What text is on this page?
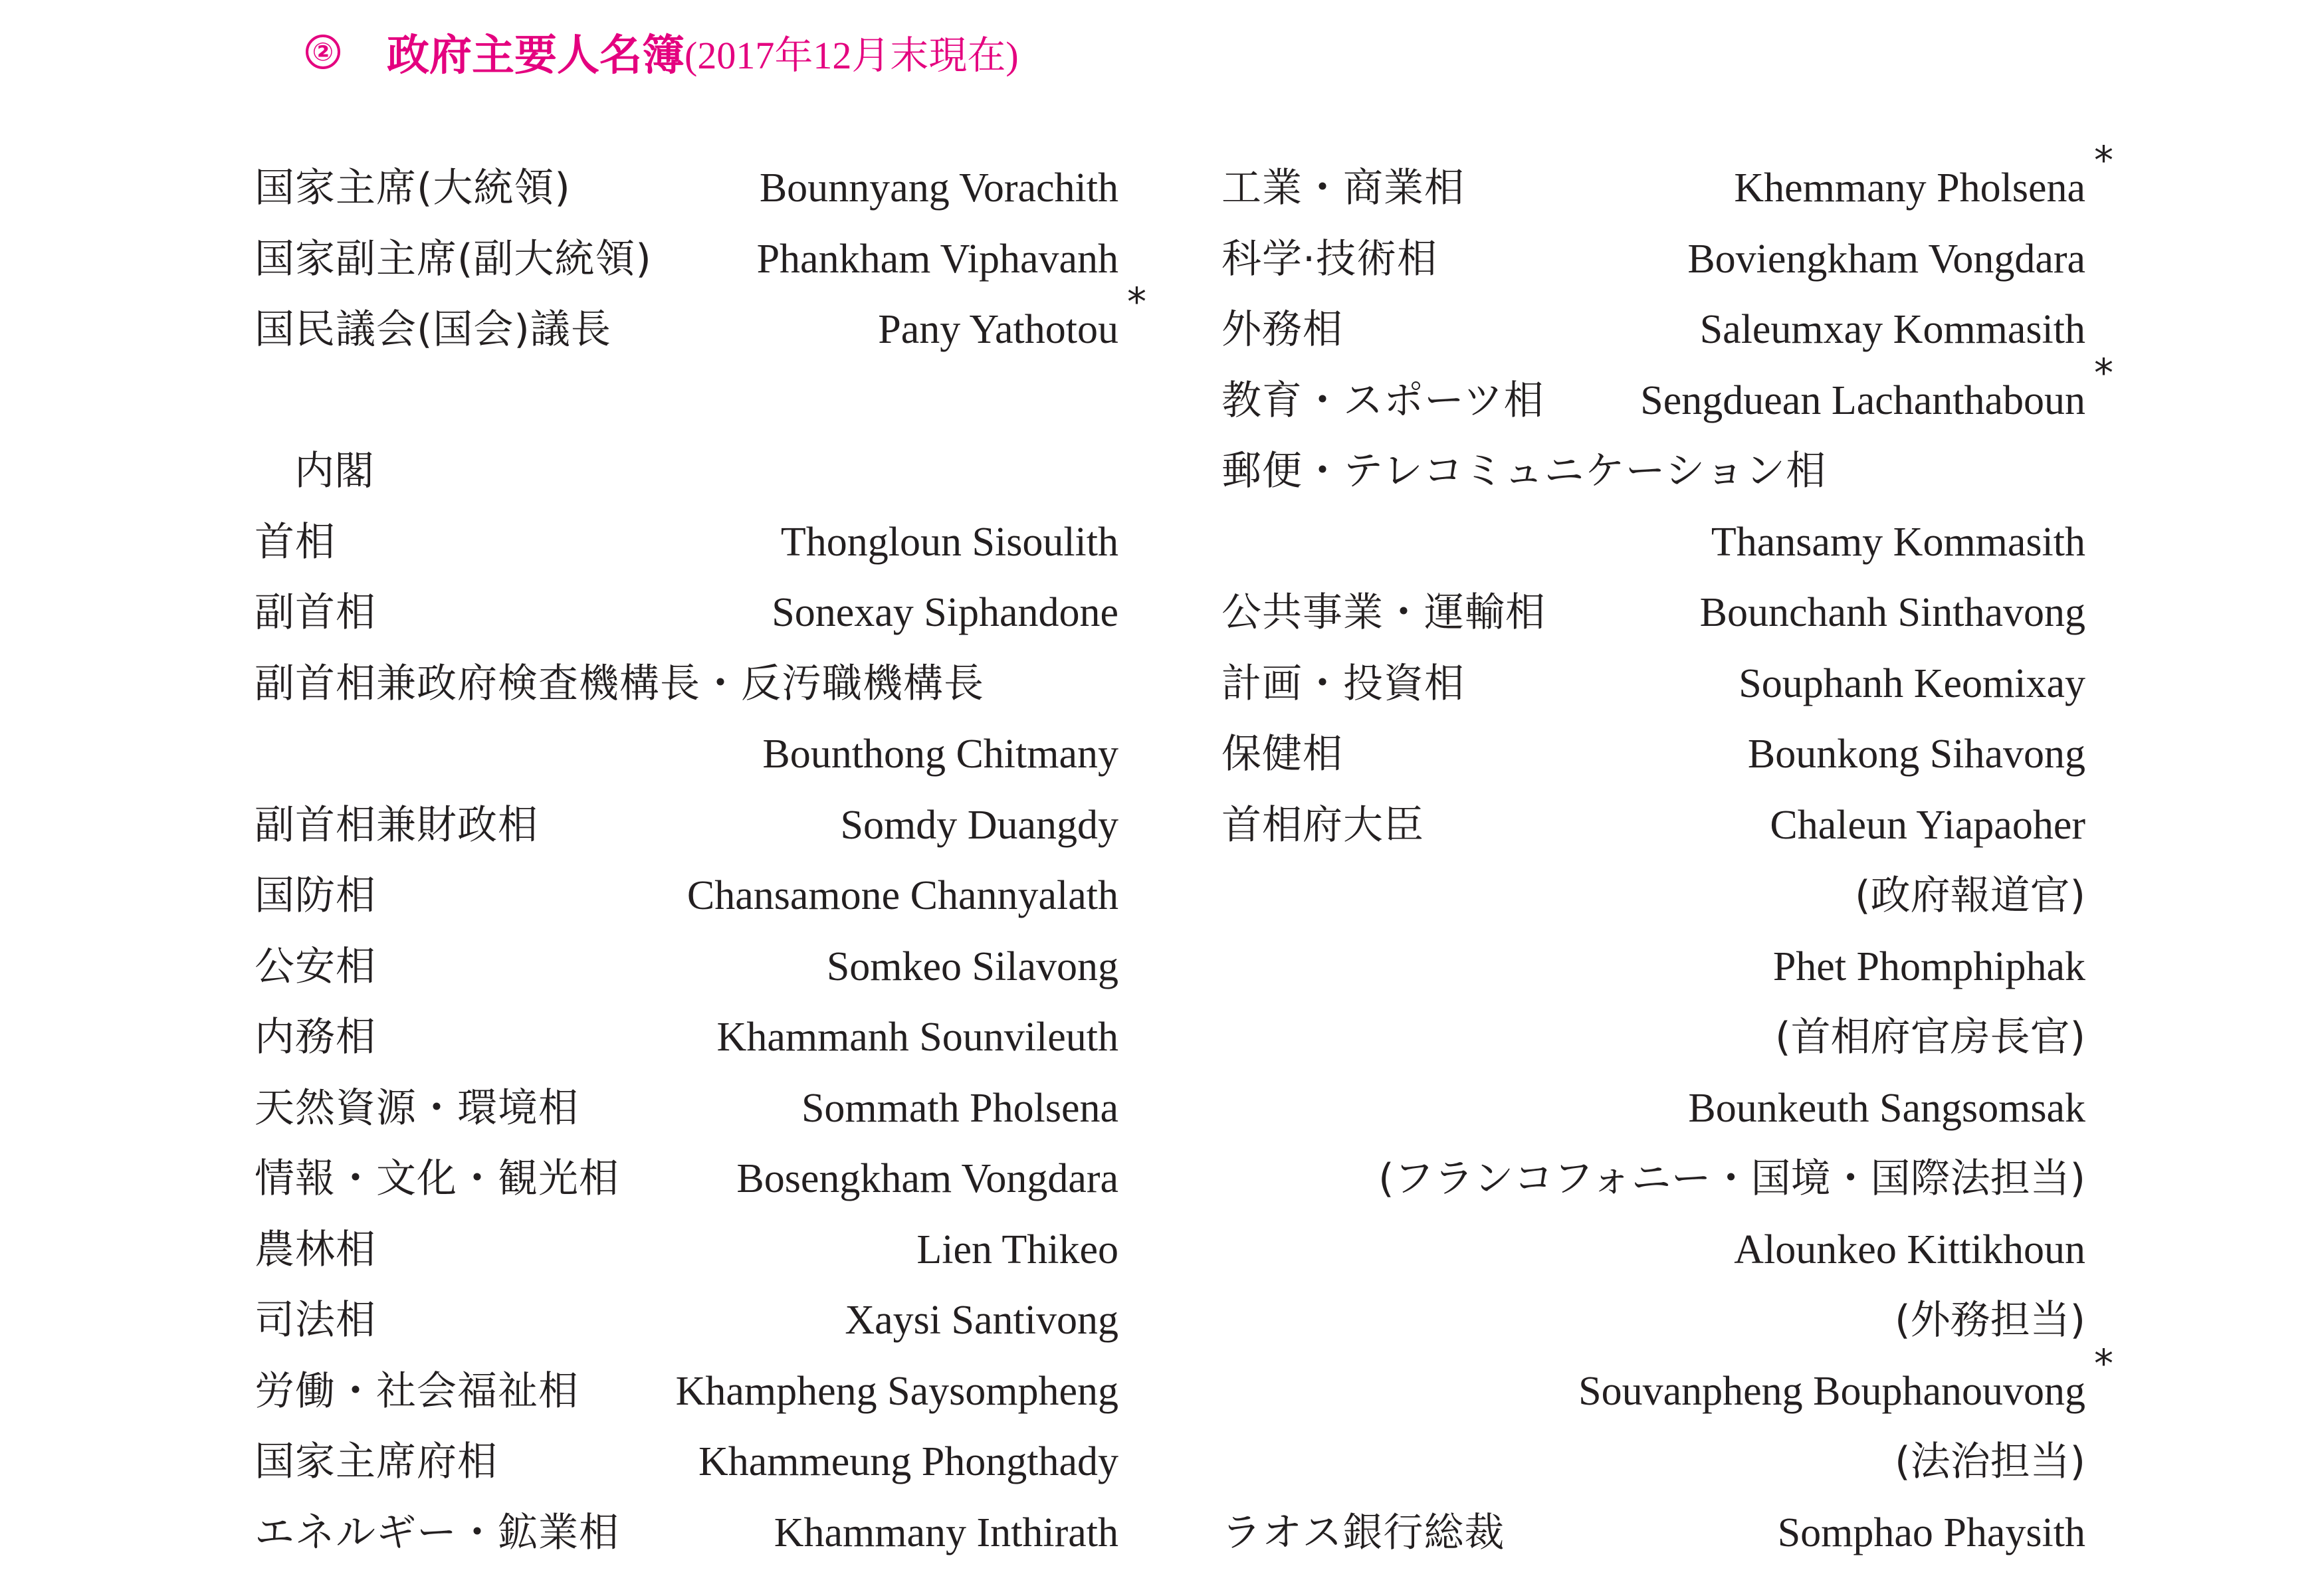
② 政府主要人名簿 (2017年12月末現在)
国家主席(大統領)	Bounnyang Vorachith
国家副主席(副大統領)	Phankham Viphavanh
国民議会(国会)議長	Pany Yathotou
*
内閣
首相	Thongloun Sisoulith
副首相	Sonexay Siphandone
副首相兼政府検査機構長・反汚職機構長
Bounthong Chitmany
副首相兼財政相	Somdy Duangdy
国防相	Chansamone Channyalath
公安相	Somkeo Silavong
内務相	Khammanh Sounvileuth
天然資源・環境相	Sommath Pholsena
情報・文化・観光相	Bosengkham Vongdara
農林相	Lien Thikeo
司法相	Xaysi Santivong
労働・社会福祉相 Khampheng Saysompheng
国家主席府相	Khammeung Phongthady
エネルギー・鉱業相	Khammany Inthirath
工業・商業相	Khemmany Pholsena
*
科学·技術相	Boviengkham Vongdara
外務相	Saleumxay Kommasith
教育・スポーツ相 Sengduean Lachanthaboun
*
郵便・テレコミュニケーション相
Thansamy Kommasith
公共事業・運輸相	Bounchanh Sinthavong
計画・投資相	Souphanh Keomixay
保健相	Bounkong Sihavong
首相府大臣	Chaleun Yiapaoher
(政府報道官)
Phet Phomphiphak
(首相府官房長官)
Bounkeuth Sangsomsak
(フランコフォニー・国境・国際法担当)
Alounkeo Kittikhoun
(外務担当)
Souvanpheng Bouphanouvong
*
(法治担当)
ラオス銀行総裁	Somphao Phaysith
